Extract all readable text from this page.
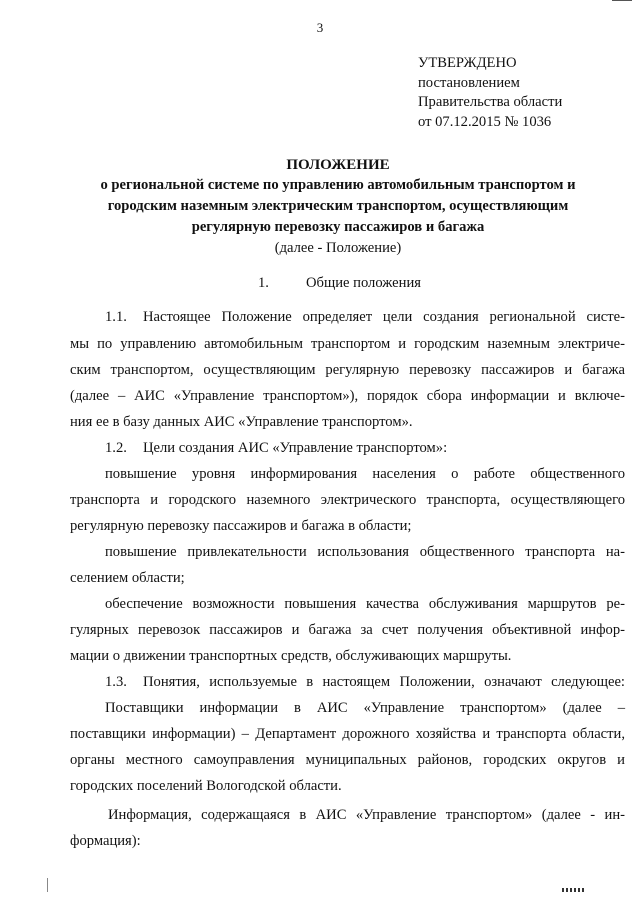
3
УТВЕРЖДЕНО
постановлением
Правительства области
от 07.12.2015 № 1036
ПОЛОЖЕНИЕ
о региональной системе по управлению автомобильным транспортом и
городским наземным электрическим транспортом, осуществляющим
регулярную перевозку пассажиров и багажа
(далее - Положение)
1.	Общие положения
1.1. Настоящее Положение определяет цели создания региональной систе-
мы по управлению автомобильным транспортом и городским наземным электриче-
ским транспортом, осуществляющим регулярную перевозку пассажиров и багажа
(далее – АИС «Управление транспортом»), порядок сбора информации и включе-
ния ее в базу данных АИС «Управление транспортом».
1.2. Цели создания АИС «Управление транспортом»:
повышение уровня информирования населения о работе общественного
транспорта и городского наземного электрического транспорта, осуществляющего
регулярную перевозку пассажиров и багажа в области;
повышение привлекательности использования общественного транспорта на-
селением области;
обеспечение возможности повышения качества обслуживания маршрутов ре-
гулярных перевозок пассажиров и багажа за счет получения объективной инфор-
мации о движении транспортных средств, обслуживающих маршруты.
1.3. Понятия, используемые в настоящем Положении, означают следующее:
Поставщики информации в АИС «Управление транспортом» (далее –
поставщики информации) – Департамент дорожного хозяйства и транспорта области,
органы местного самоуправления муниципальных районов, городских округов и
городских поселений Вологодской области.
Информация, содержащаяся в АИС «Управление транспортом» (далее - ин-
формация):
